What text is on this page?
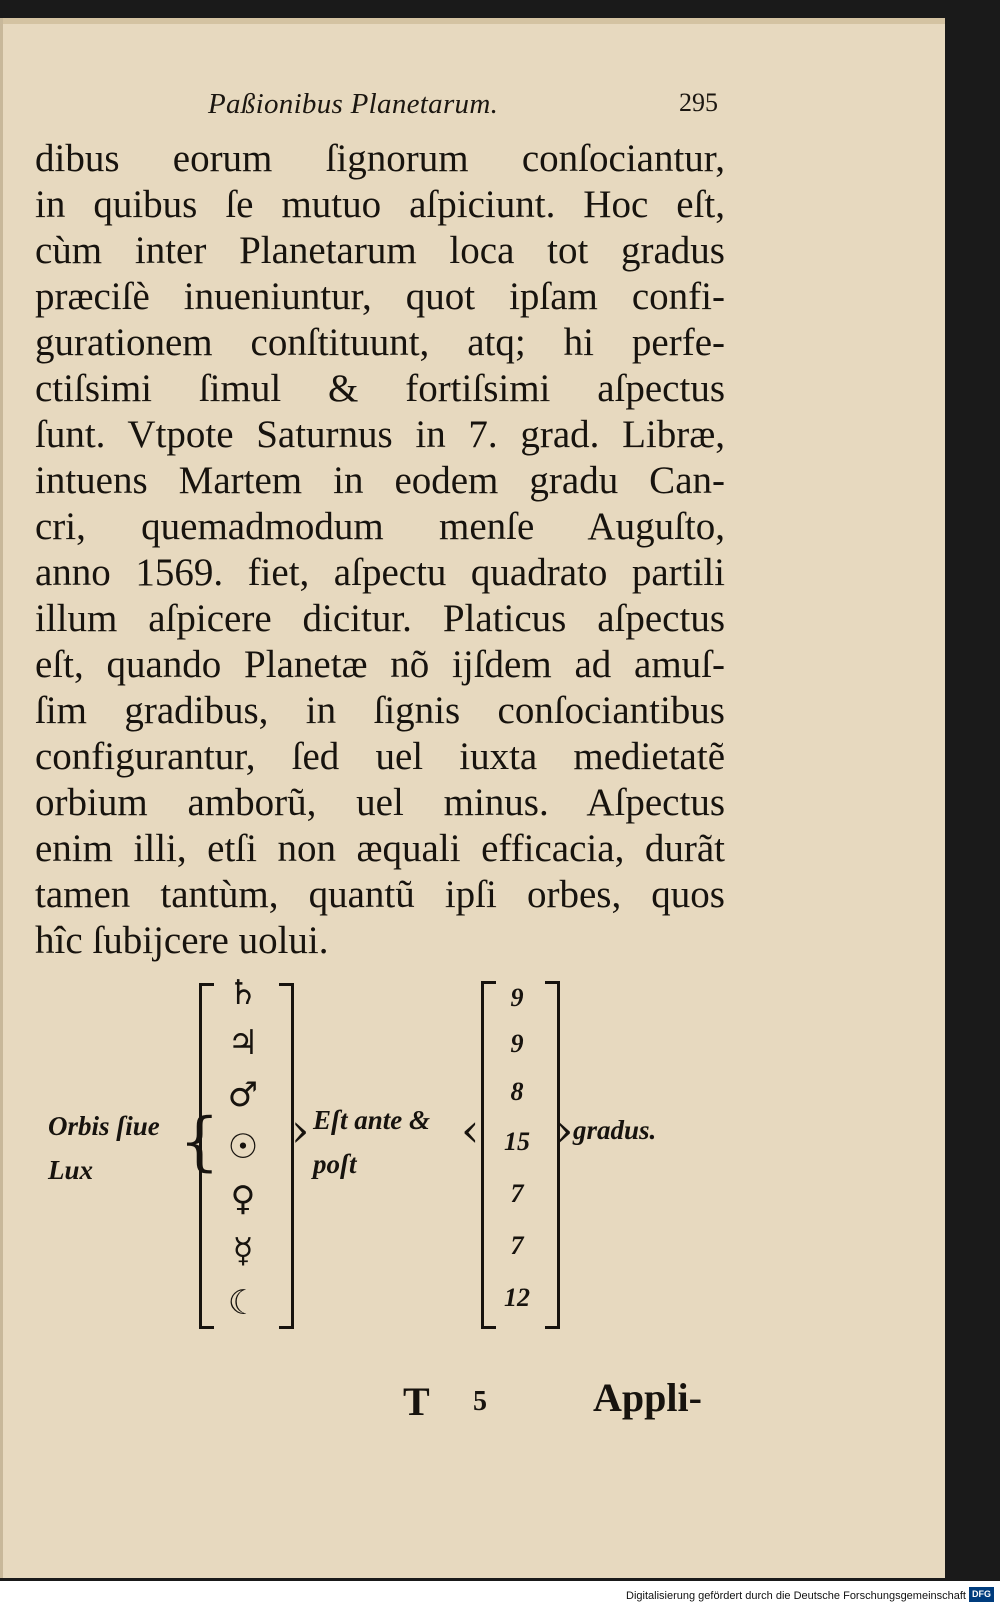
Paßionibus Planetarum.	295
dibus eorum ſignorum conſociantur,
in quibus ſe mutuo aſpiciunt. Hoc eſt,
cùm inter Planetarum loca tot gradus
præciſè inueniuntur, quot ipſam confi-
gurationem conſtituunt, atq; hi perfe-
ctiſsimi ſimul & fortiſsimi aſpectus
ſunt. Vtpote Saturnus in 7. grad. Libræ,
intuens Martem in eodem gradu Can-
cri, quemadmodum menſe Auguſto,
anno 1569. fiet, aſpectu quadrato partili
illum aſpicere dicitur. Platicus aſpectus
eſt, quando Planetæ nõ ijſdem ad amuſ-
ſim gradibus, in ſignis conſociantibus
configurantur, ſed uel iuxta medietatẽ
orbium amborũ, uel minus. Aſpectus
enim illi, etſi non æquali efficacia, durãt
tamen tantùm, quantũ ipſi orbes, quos
hîc ſubijcere uolui.
Orbis ſiue
Lux {
♄
♃
♂
☉
♀
☿
☾
› Eſt ante &
poſt
‹
9
9
8
15
7
7
12
› gradus.
T 5	Appli-
Digitalisierung gefördert durch die Deutsche Forschungsgemeinschaft DFG
